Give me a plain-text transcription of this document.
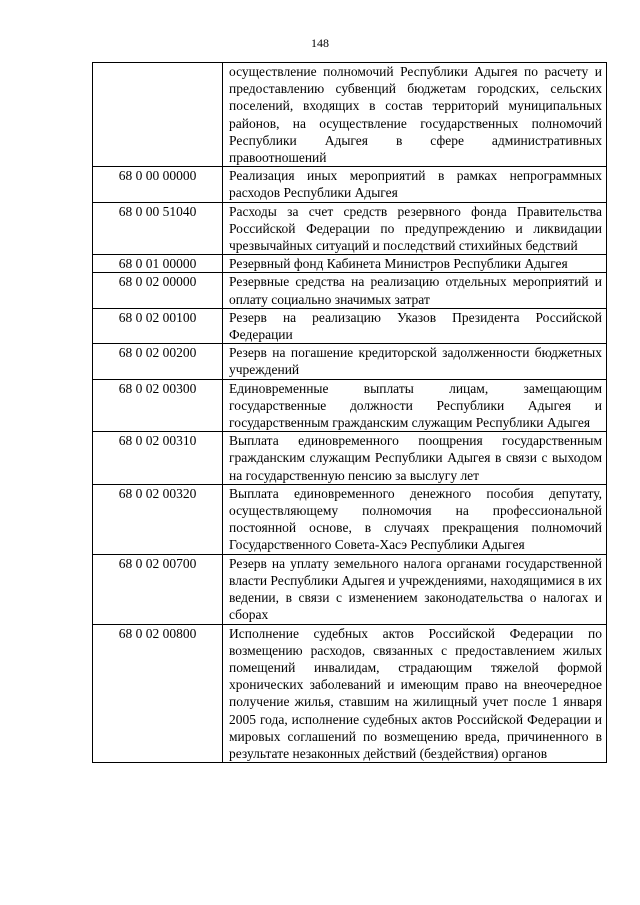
148
	осуществление полномочий Республики Адыгея по расчету и предоставлению субвенций бюджетам городских, сельских поселений, входящих в состав территорий муниципальных районов, на осуществление государственных полномочий Республики Адыгея в сфере административных правоотношений
68 0 00 00000	Реализация иных мероприятий в рамках непрограммных расходов Республики Адыгея
68 0 00 51040	Расходы за счет средств резервного фонда Правительства Российской Федерации по предупреждению и ликвидации чрезвычайных ситуаций и последствий стихийных бедствий
68 0 01 00000	Резервный фонд Кабинета Министров Республики Адыгея
68 0 02 00000	Резервные средства на реализацию отдельных мероприятий и оплату социально значимых затрат
68 0 02 00100	Резерв на реализацию Указов Президента Российской Федерации
68 0 02 00200	Резерв на погашение кредиторской задолженности бюджетных учреждений
68 0 02 00300	Единовременные выплаты лицам, замещающим государственные должности Республики Адыгея и государственным гражданским служащим Республики Адыгея
68 0 02 00310	Выплата единовременного поощрения государственным гражданским служащим Республики Адыгея в связи с выходом на государственную пенсию за выслугу лет
68 0 02 00320	Выплата единовременного денежного пособия депутату, осуществляющему полномочия на профессиональной постоянной основе, в случаях прекращения полномочий Государственного Совета-Хасэ Республики Адыгея
68 0 02 00700	Резерв на уплату земельного налога органами государственной власти Республики Адыгея и учреждениями, находящимися в их ведении, в связи с изменением законодательства о налогах и сборах
68 0 02 00800	Исполнение судебных актов Российской Федерации по возмещению расходов, связанных с предоставлением жилых помещений инвалидам, страдающим тяжелой формой хронических заболеваний и имеющим право на внеочередное получение жилья, ставшим на жилищный учет после 1 января 2005 года, исполнение судебных актов Российской Федерации и мировых соглашений по возмещению вреда, причиненного в результате незаконных действий (бездействия) органов
